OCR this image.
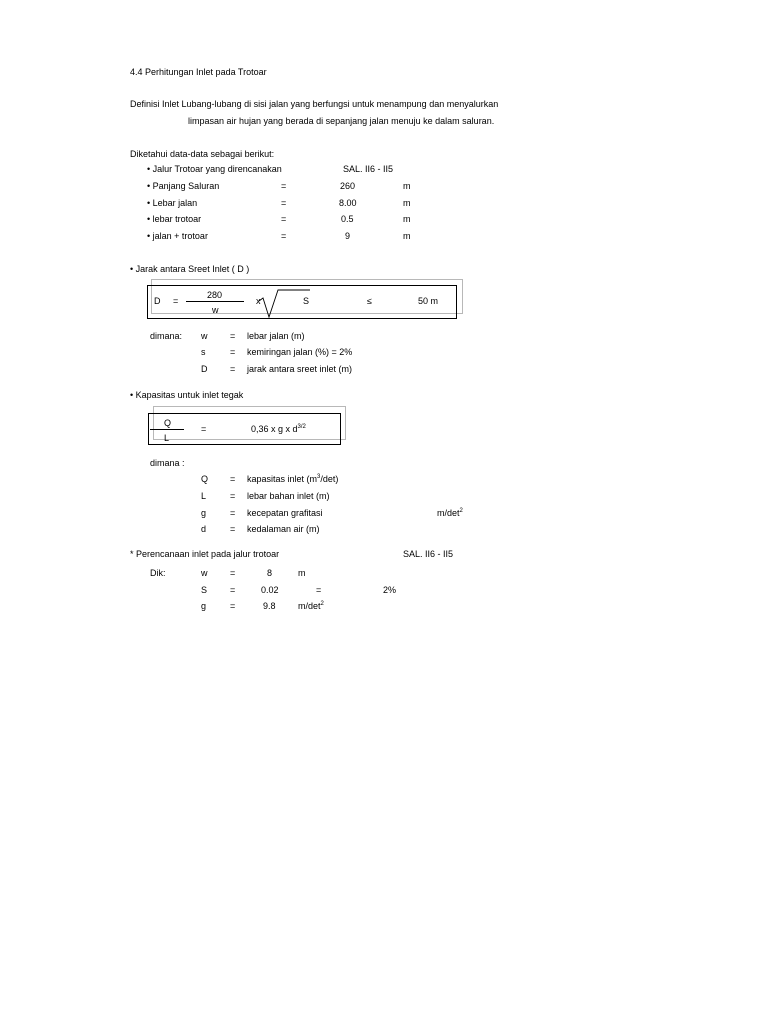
4.4 Perhitungan Inlet pada Trotoar
Definisi Inlet Lubang-lubang di sisi jalan yang berfungsi untuk menampung dan menyalurkan
limpasan air hujan yang berada di sepanjang jalan menuju ke dalam saluran.
Diketahui data-data sebagai berikut:
• Jalur Trotoar yang direncanakan	SAL. II6 - II5
• Panjang Saluran	=	260	m
• Lebar jalan	=	8.00	m
• lebar trotoar	=	0.5	m
• jalan + trotoar	=	9	m
• Jarak antara Sreet Inlet ( D )
D =
280
w
x	S	≤	50 m
dimana: w	= lebar jalan (m)
s	= kemiringan jalan (%) = 2%
D	= jarak antara sreet inlet (m)
• Kapasitas untuk inlet tegak
Q
L
=	0,36 x g x $d^{3/2}$
dimana :
Q = kapasitas inlet $(m^3/\det)$
L	= lebar bahan inlet (m)
g	= kecepatan grafitasi	$m/\det^2$
d	= kedalaman air (m)
* Perencanaan inlet pada jalur trotoar	SAL. II6 - II5
Dik:	w	=	8	m
S	=	0.02	=	2%
g	=	9.8 $m/\det^2$
